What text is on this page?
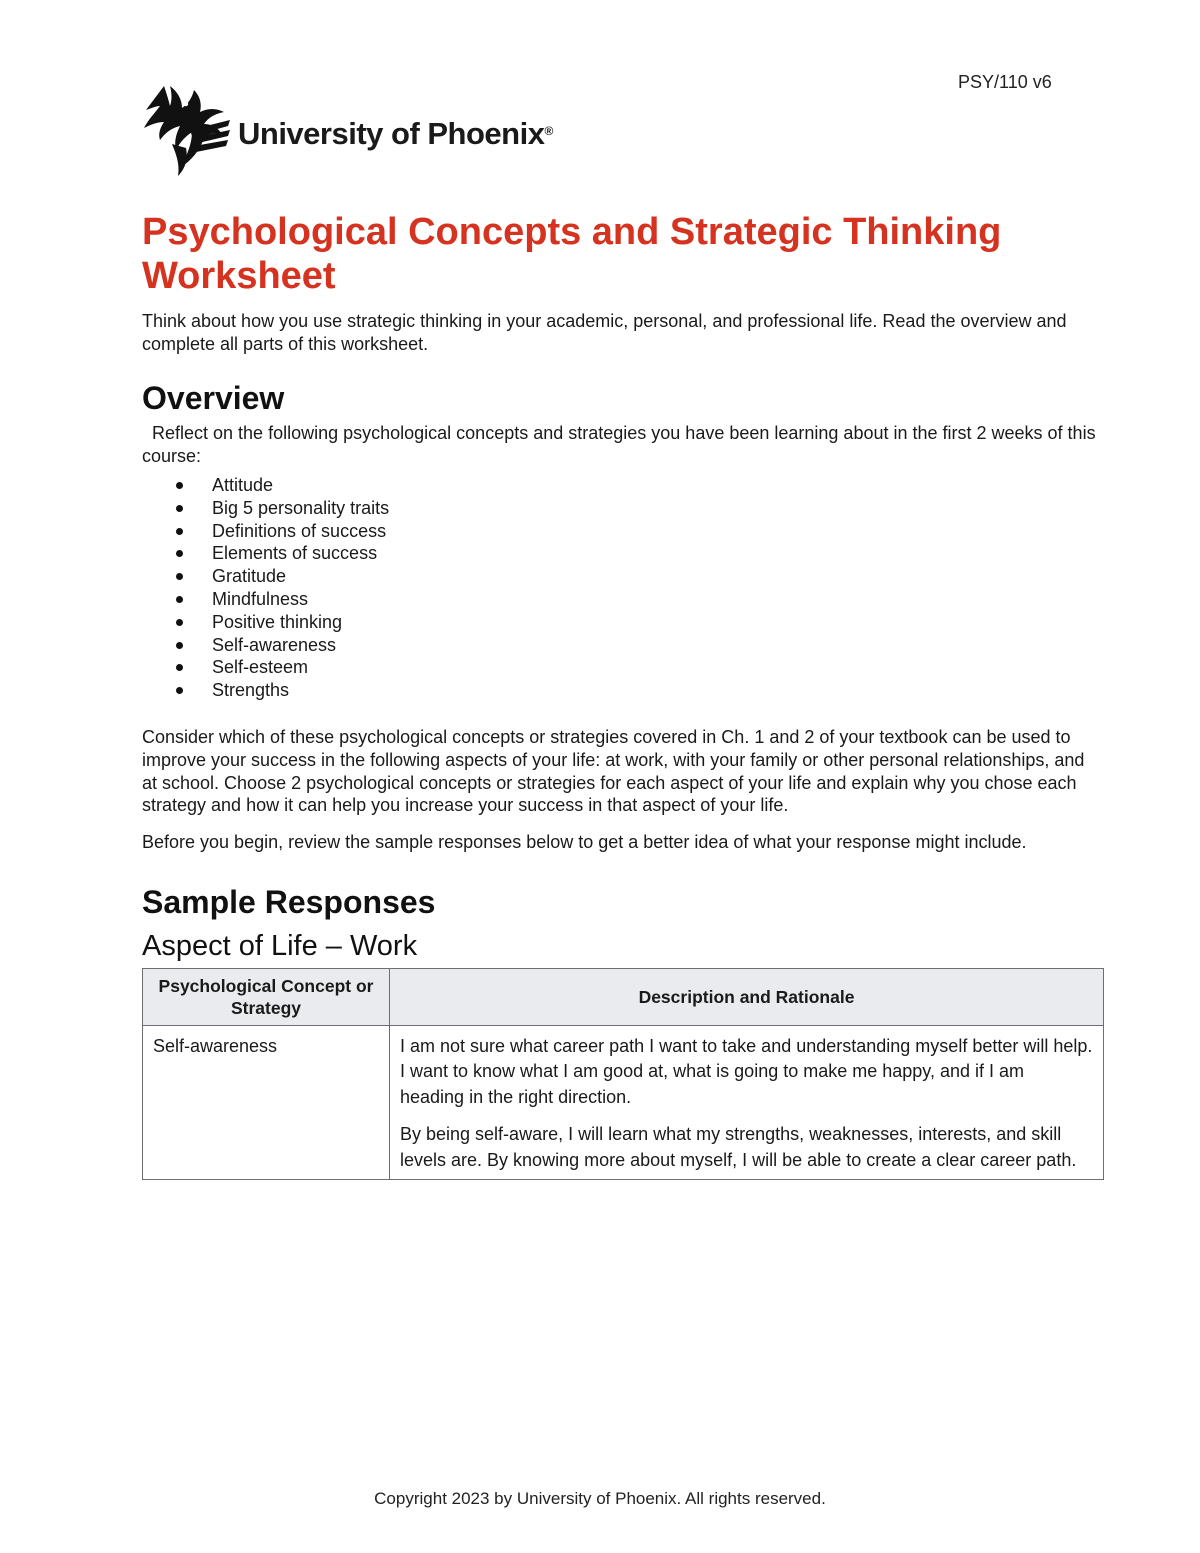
PSY/110 v6
University of Phoenix®
Psychological Concepts and Strategic Thinking Worksheet

Think about how you use strategic thinking in your academic, personal, and professional life. Read the overview and complete all parts of this worksheet.

Overview

Reflect on the following psychological concepts and strategies you have been learning about in the first 2 weeks of this course:

Attitude
Big 5 personality traits
Definitions of success
Elements of success
Gratitude
Mindfulness
Positive thinking
Self-awareness
Self-esteem
Strengths

Consider which of these psychological concepts or strategies covered in Ch. 1 and 2 of your textbook can be used to improve your success in the following aspects of your life: at work, with your family or other personal relationships, and at school. Choose 2 psychological concepts or strategies for each aspect of your life and explain why you chose each strategy and how it can help you increase your success in that aspect of your life.

Before you begin, review the sample responses below to get a better idea of what your response might include.

Sample Responses
Aspect of Life – Work
Psychological Concept or Strategy	Description and Rationale
Self-awareness	I am not sure what career path I want to take and understanding myself better will help. I want to know what I am good at, what is going to make me happy, and if I am heading in the right direction.

By being self-aware, I will learn what my strengths, weaknesses, interests, and skill levels are. By knowing more about myself, I will be able to create a clear career path.

Copyright 2023 by University of Phoenix. All rights reserved.
